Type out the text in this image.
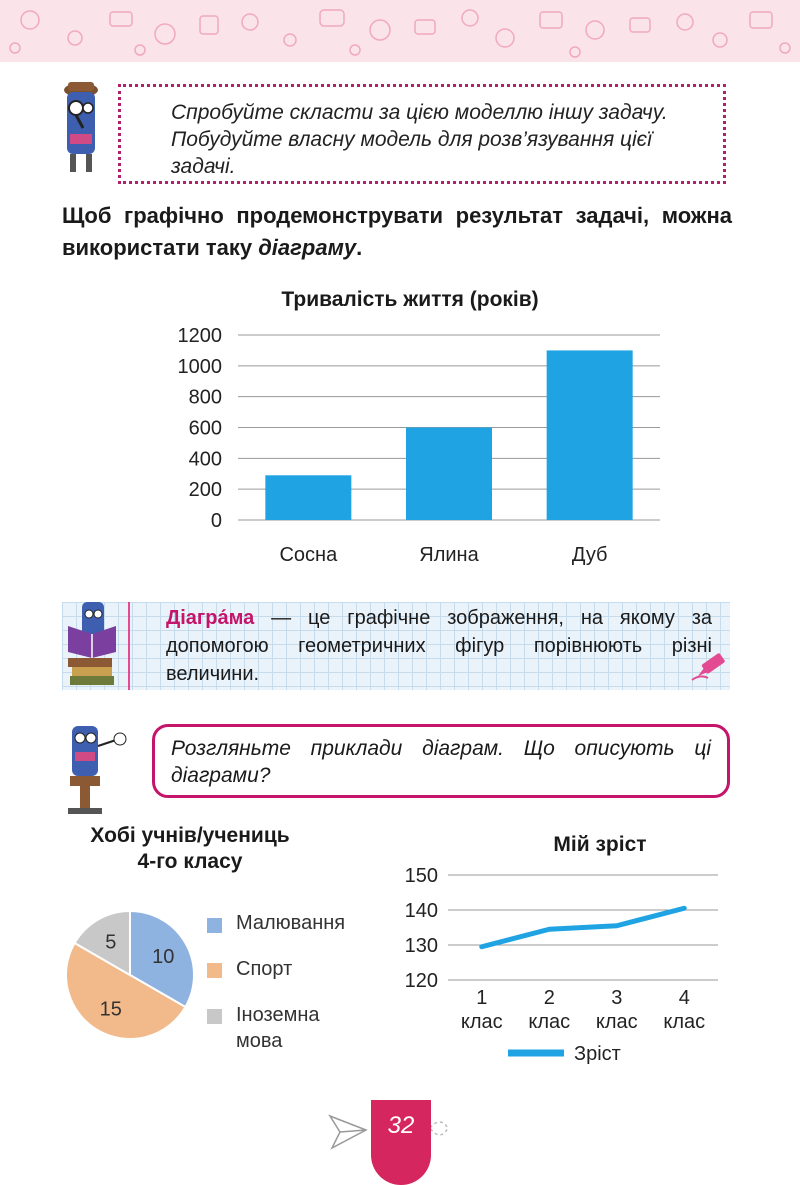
Спробуйте скласти за цією моделлю іншу задачу.
Побудуйте власну модель для розв’язування цієї
задачі.

Щоб графічно продемонструвати результат задачі, можна використати таку діаграму.

Тривалість життя (років)
0
200
400
600
800
1000
1200
Сосна	Ялина	Дуб

Діагра́ма — це графічне зображення, на якому за допомогою геометричних фігур порівнюють різні величини.

Розгляньте приклади діаграм. Що описують ці діаграми?

Хобі учнів/учениць
4-го класу
10
15
5
Малювання
Спорт
Іноземна
мова
Мій зріст
120
130
140
150
1
клас
2
клас
3
клас
4
клас
Зріст
32
